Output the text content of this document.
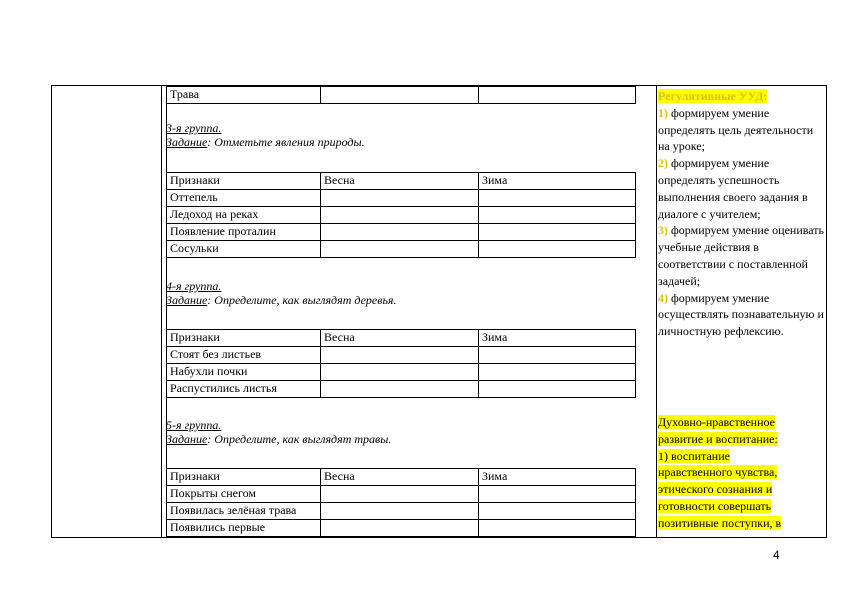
Трава		
3-я группа.
Задание: Отметьте явления природы.
Признаки	Весна	Зима
Оттепель		
Ледоход на реках		
Появление проталин		
Сосульки		
4-я группа.
Задание: Определите, как выглядят деревья.
Признаки	Весна	Зима
Стоят без листьев		
Набухли почки		
Распустились листья		
5-я группа.
Задание: Определите, как выглядят травы.
Признаки	Весна	Зима
Покрыты снегом		
Появилась зелёная трава		
Появились первые		
Регулятивные УУД:
1) формируем умение определять цель деятельности на уроке;
2) формируем умение определять успешность выполнения своего задания в диалоге с учителем;
3) формируем умение оценивать учебные действия в соответствии с поставленной задачей;
4) формируем умение осуществлять познавательную и личностную рефлексию.
Духовно-нравственное
развитие и воспитание:
1) воспитание
нравственного чувства,
этического сознания и
готовности совершать
позитивные поступки, в
4
